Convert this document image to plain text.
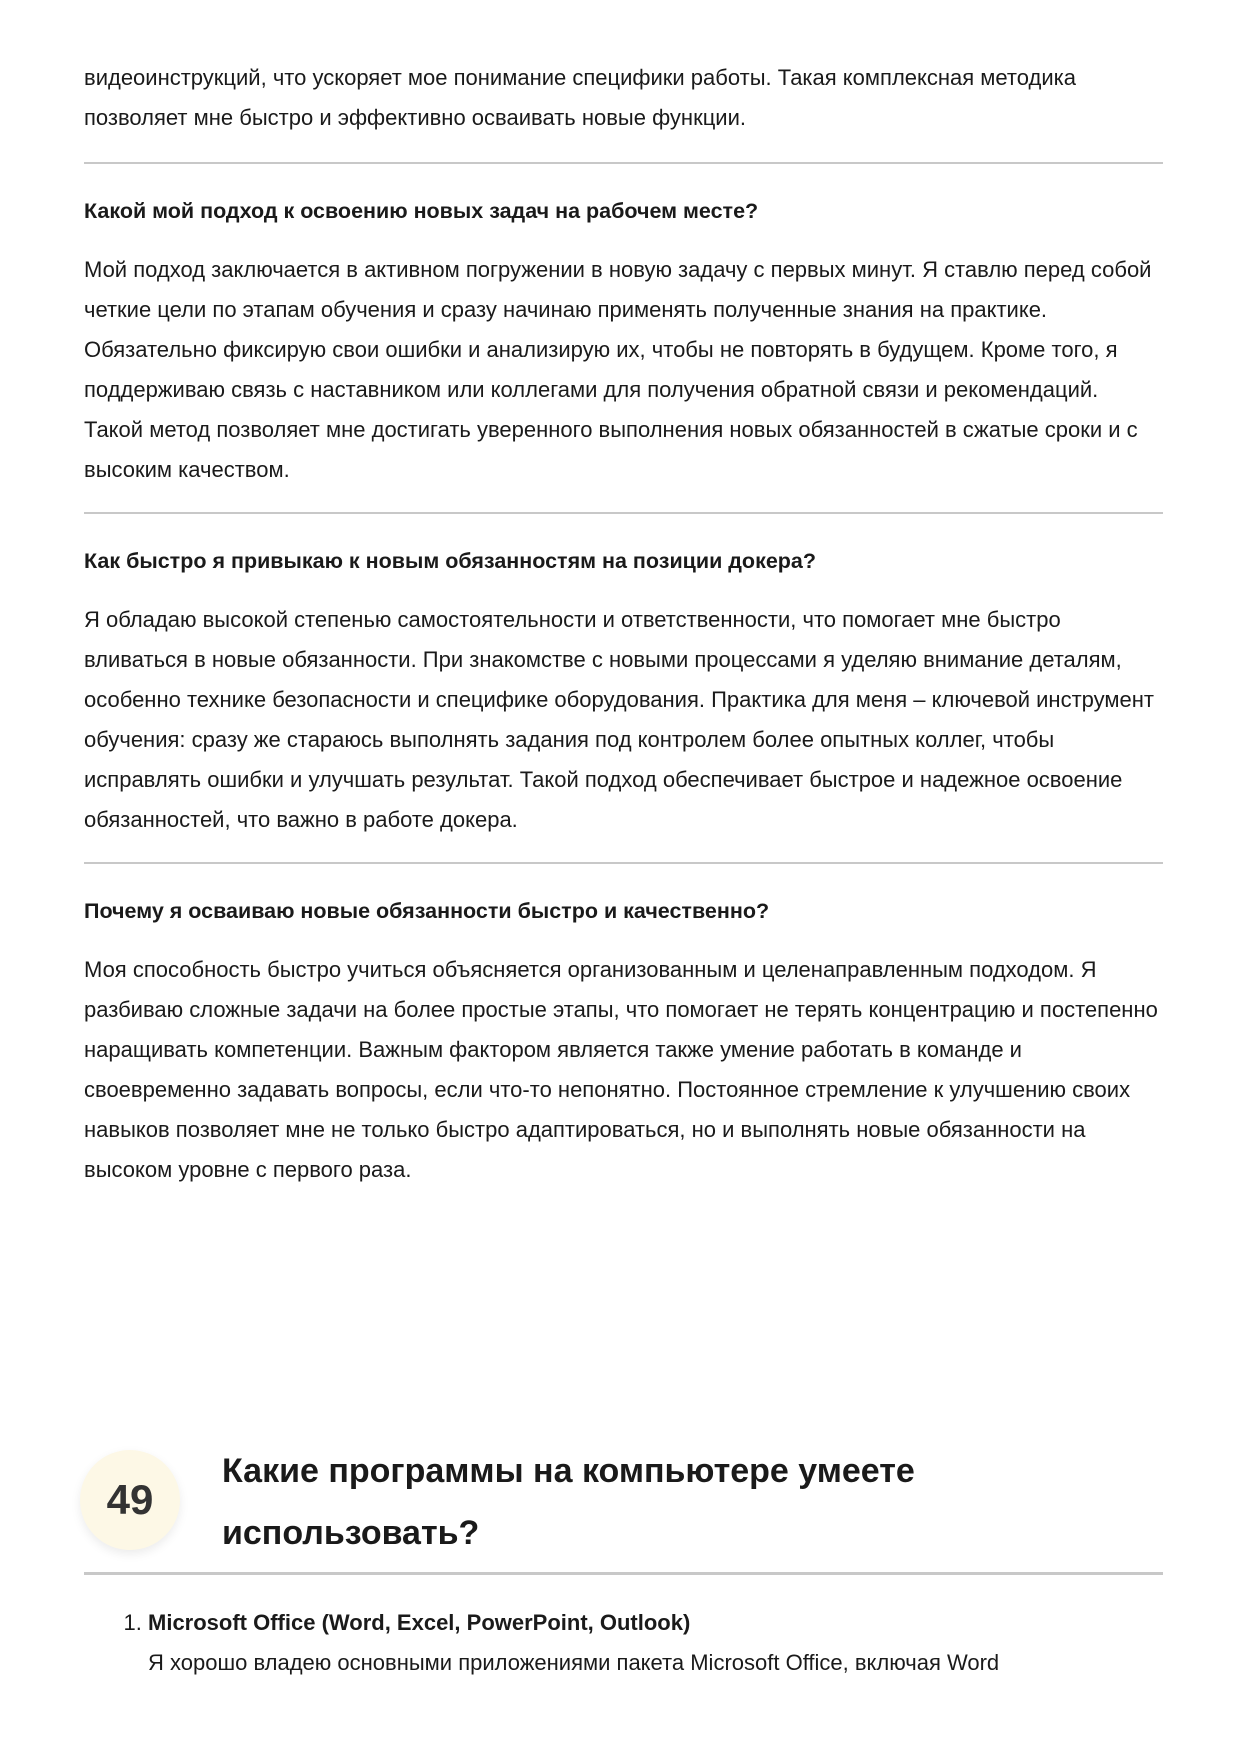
видеоинструкций, что ускоряет мое понимание специфики работы. Такая комплексная методика позволяет мне быстро и эффективно осваивать новые функции.

Какой мой подход к освоению новых задач на рабочем месте?

Мой подход заключается в активном погружении в новую задачу с первых минут. Я ставлю перед собой четкие цели по этапам обучения и сразу начинаю применять полученные знания на практике. Обязательно фиксирую свои ошибки и анализирую их, чтобы не повторять в будущем. Кроме того, я поддерживаю связь с наставником или коллегами для получения обратной связи и рекомендаций. Такой метод позволяет мне достигать уверенного выполнения новых обязанностей в сжатые сроки и с высоким качеством.

Как быстро я привыкаю к новым обязанностям на позиции докера?

Я обладаю высокой степенью самостоятельности и ответственности, что помогает мне быстро вливаться в новые обязанности. При знакомстве с новыми процессами я уделяю внимание деталям, особенно технике безопасности и специфике оборудования. Практика для меня – ключевой инструмент обучения: сразу же стараюсь выполнять задания под контролем более опытных коллег, чтобы исправлять ошибки и улучшать результат. Такой подход обеспечивает быстрое и надежное освоение обязанностей, что важно в работе докера.

Почему я осваиваю новые обязанности быстро и качественно?

Моя способность быстро учиться объясняется организованным и целенаправленным подходом. Я разбиваю сложные задачи на более простые этапы, что помогает не терять концентрацию и постепенно наращивать компетенции. Важным фактором является также умение работать в команде и своевременно задавать вопросы, если что-то непонятно. Постоянное стремление к улучшению своих навыков позволяет мне не только быстро адаптироваться, но и выполнять новые обязанности на высоком уровне с первого раза.

49
Какие программы на компьютере умеете использовать?
1. Microsoft Office (Word, Excel, PowerPoint, Outlook)
Я хорошо владею основными приложениями пакета Microsoft Office, включая Word
